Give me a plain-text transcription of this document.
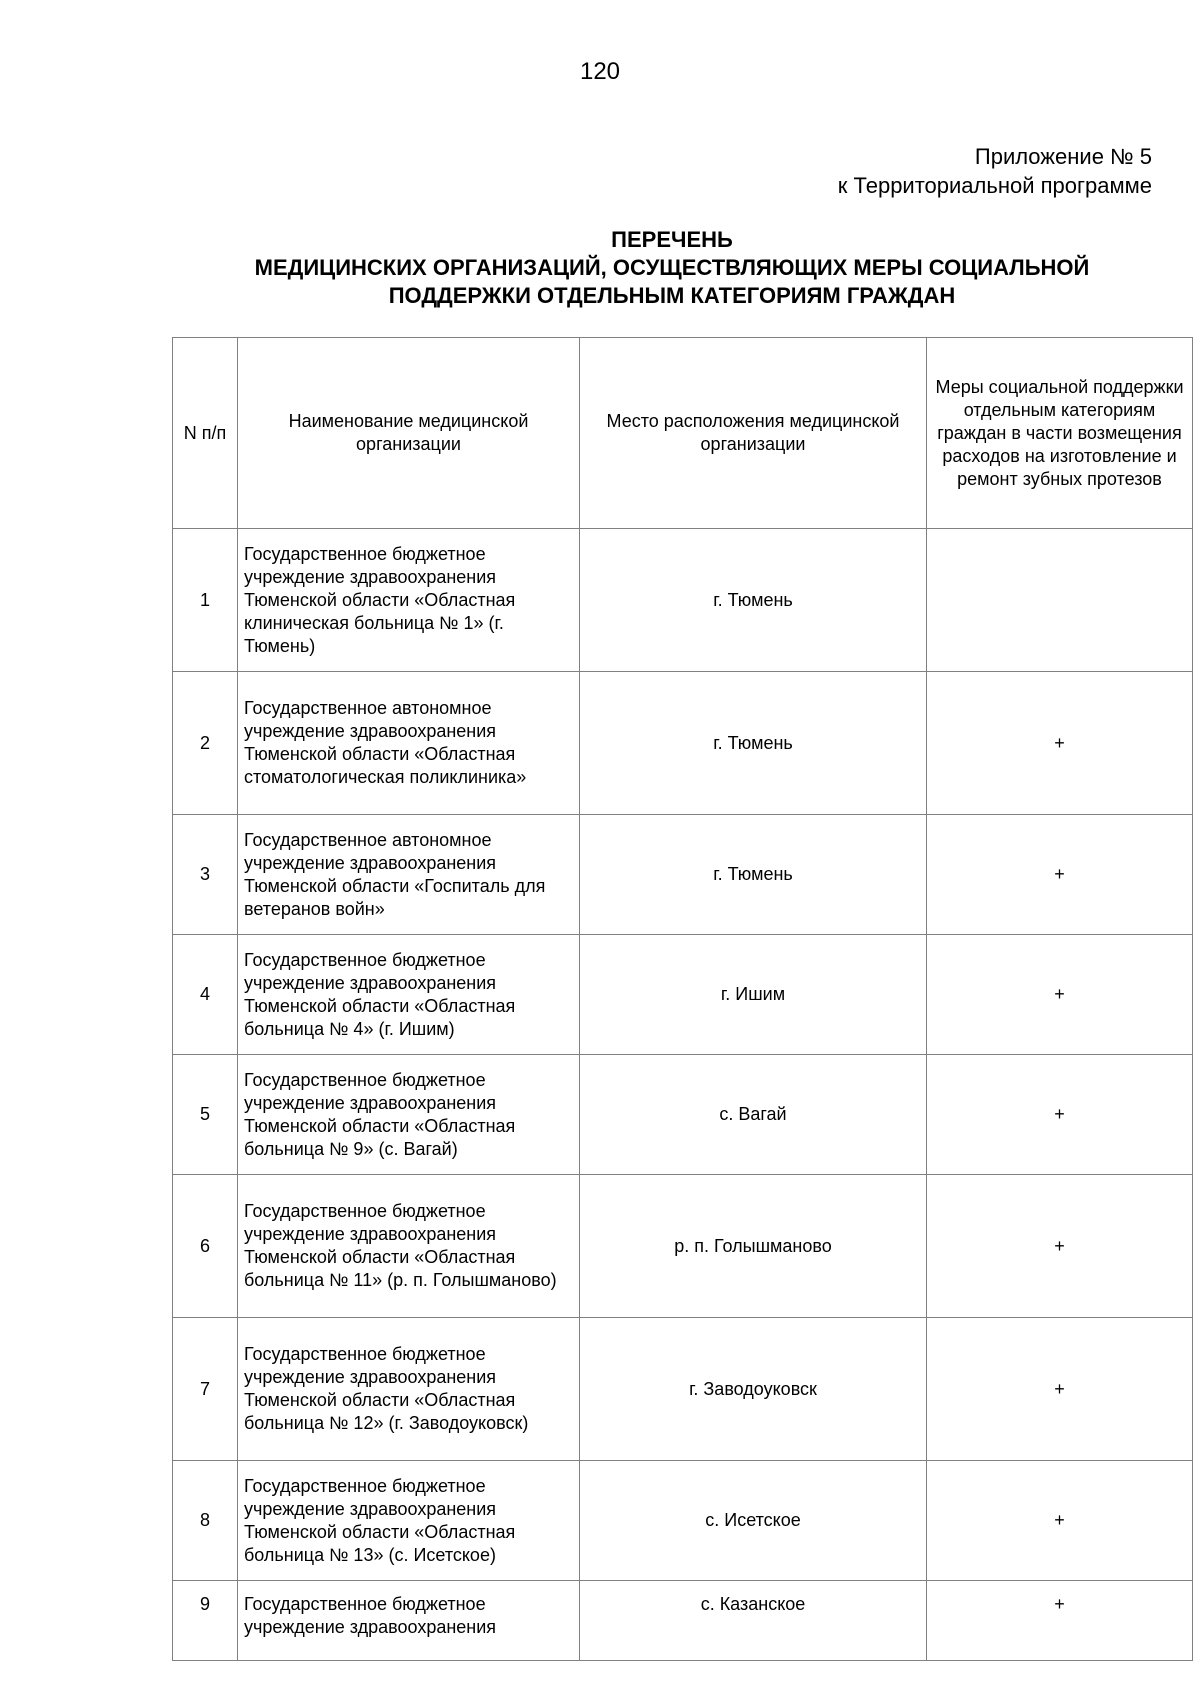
120
Приложение № 5
к Территориальной программе
ПЕРЕЧЕНЬ
МЕДИЦИНСКИХ ОРГАНИЗАЦИЙ, ОСУЩЕСТВЛЯЮЩИХ МЕРЫ СОЦИАЛЬНОЙ
ПОДДЕРЖКИ ОТДЕЛЬНЫМ КАТЕГОРИЯМ ГРАЖДАН
N п/п	Наименование медицинской организации	Место расположения медицинской организации	Меры социальной поддержки отдельным категориям граждан в части возмещения расходов на изготовление и ремонт зубных протезов
1	Государственное бюджетное учреждение здравоохранения Тюменской области «Областная клиническая больница № 1» (г. Тюмень)	г. Тюмень	
2	Государственное автономное учреждение здравоохранения Тюменской области «Областная стоматологическая поликлиника»	г. Тюмень	+
3	Государственное автономное учреждение здравоохранения Тюменской области «Госпиталь для ветеранов войн»	г. Тюмень	+
4	Государственное бюджетное учреждение здравоохранения Тюменской области «Областная больница № 4» (г. Ишим)	г. Ишим	+
5	Государственное бюджетное учреждение здравоохранения Тюменской области «Областная больница № 9» (с. Вагай)	с. Вагай	+
6	Государственное бюджетное учреждение здравоохранения Тюменской области «Областная больница № 11» (р. п. Голышманово)	р. п. Голышманово	+
7	Государственное бюджетное учреждение здравоохранения Тюменской области «Областная больница № 12» (г. Заводоуковск)	г. Заводоуковск	+
8	Государственное бюджетное учреждение здравоохранения Тюменской области «Областная больница № 13» (с. Исетское)	с. Исетское	+
9	Государственное бюджетное учреждение здравоохранения	с. Казанское	+
